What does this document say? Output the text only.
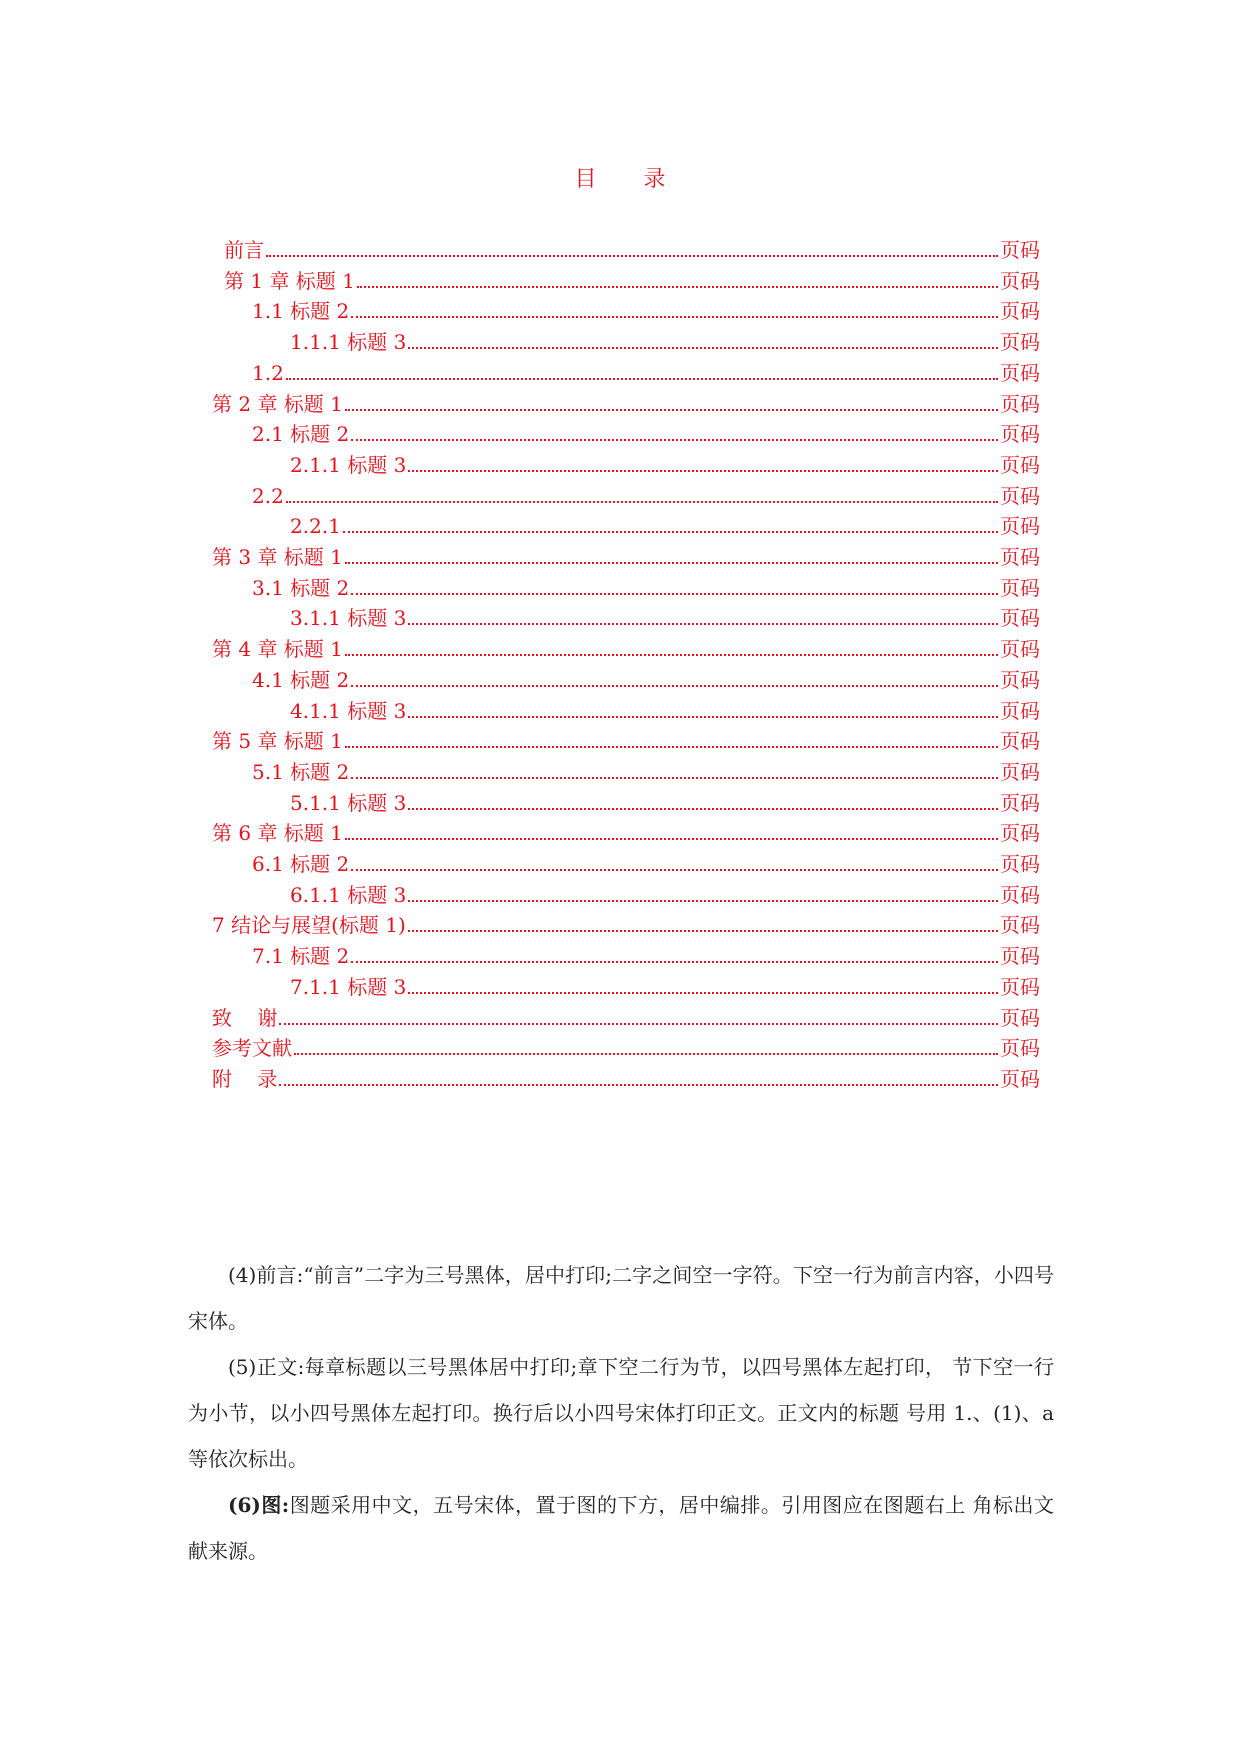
目 录
前言	页码
第 1 章 标题 1	页码
1.1 标题 2	页码
1.1.1 标题 3	页码
1.2	页码
第 2 章 标题 1	页码
2.1 标题 2	页码
2.1.1 标题 3	页码
2.2	页码
2.2.1	页码
第 3 章 标题 1	页码
3.1 标题 2	页码
3.1.1 标题 3	页码
第 4 章 标题 1	页码
4.1 标题 2	页码
4.1.1 标题 3	页码
第 5 章 标题 1	页码
5.1 标题 2	页码
5.1.1 标题 3	页码
第 6 章 标题 1	页码
6.1 标题 2	页码
6.1.1 标题 3	页码
7 结论与展望(标题 1)	页码
7.1 标题 2	页码
7.1.1 标题 3	页码
致    谢	页码
参考文献	页码
附    录	页码

(4)前言:“前言”二字为三号黑体，居中打印;二字之间空一字符。下空一行为前言内容，小四号宋体。

(5)正文:每章标题以三号黑体居中打印;章下空二行为节，以四号黑体左起打印， 节下空一行为小节，以小四号黑体左起打印。换行后以小四号宋体打印正文。正文内的标题 号用 1.、(1)、a 等依次标出。

(6)图:图题采用中文，五号宋体，置于图的下方，居中编排。引用图应在图题右上 角标出文献来源。
